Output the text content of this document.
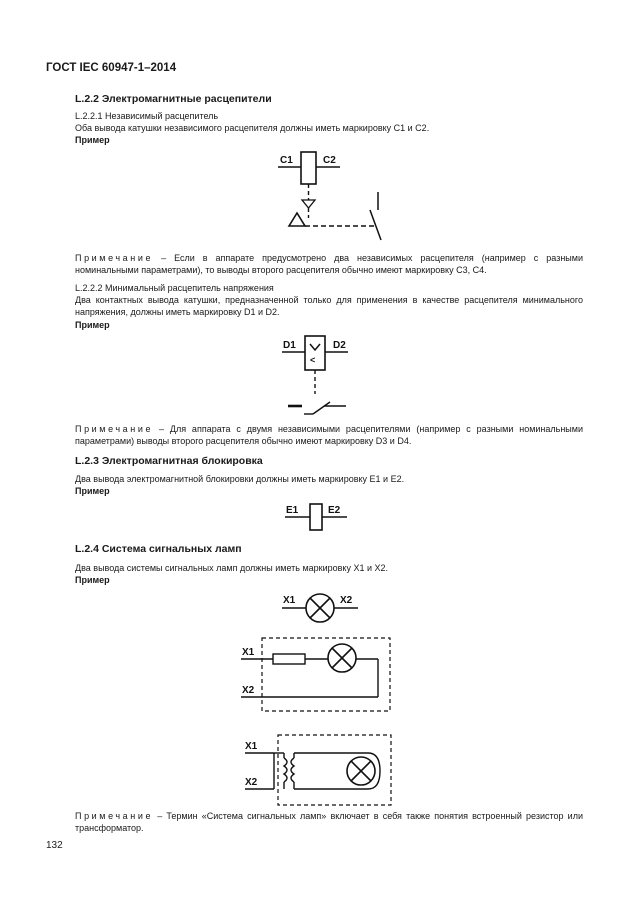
ГОСТ IEC 60947-1–2014
L.2.2 Электромагнитные расцепители
L.2.2.1 Независимый расцепитель
Оба вывода катушки независимого расцепителя должны иметь маркировку С1 и С2.
Пример
C1	C2
Примечание – Если в аппарате предусмотрено два независимых расцепителя (например с разными номинальными параметрами), то выводы второго расцепителя обычно имеют маркировку С3, С4.
L.2.2.2 Минимальный расцепитель напряжения
Два контактных вывода катушки, предназначенной только для применения в качестве расцепителя минимального напряжения, должны иметь маркировку D1 и D2.
Пример
D1	D2
<
Примечание – Для аппарата с двумя независимыми расцепителями (например с разными номинальными параметрами) выводы второго расцепителя обычно имеют маркировку D3 и D4.
L.2.3 Электромагнитная блокировка
Два вывода электромагнитной блокировки должны иметь маркировку Е1 и Е2.
Пример
E1	E2
L.2.4 Система сигнальных ламп
Два вывода системы сигнальных ламп должны иметь маркировку Х1 и Х2.
Пример
X1	X2
X1
X2
X1
X2
Примечание – Термин «Система сигнальных ламп» включает в себя также понятия встроенный резистор или трансформатор.
132
